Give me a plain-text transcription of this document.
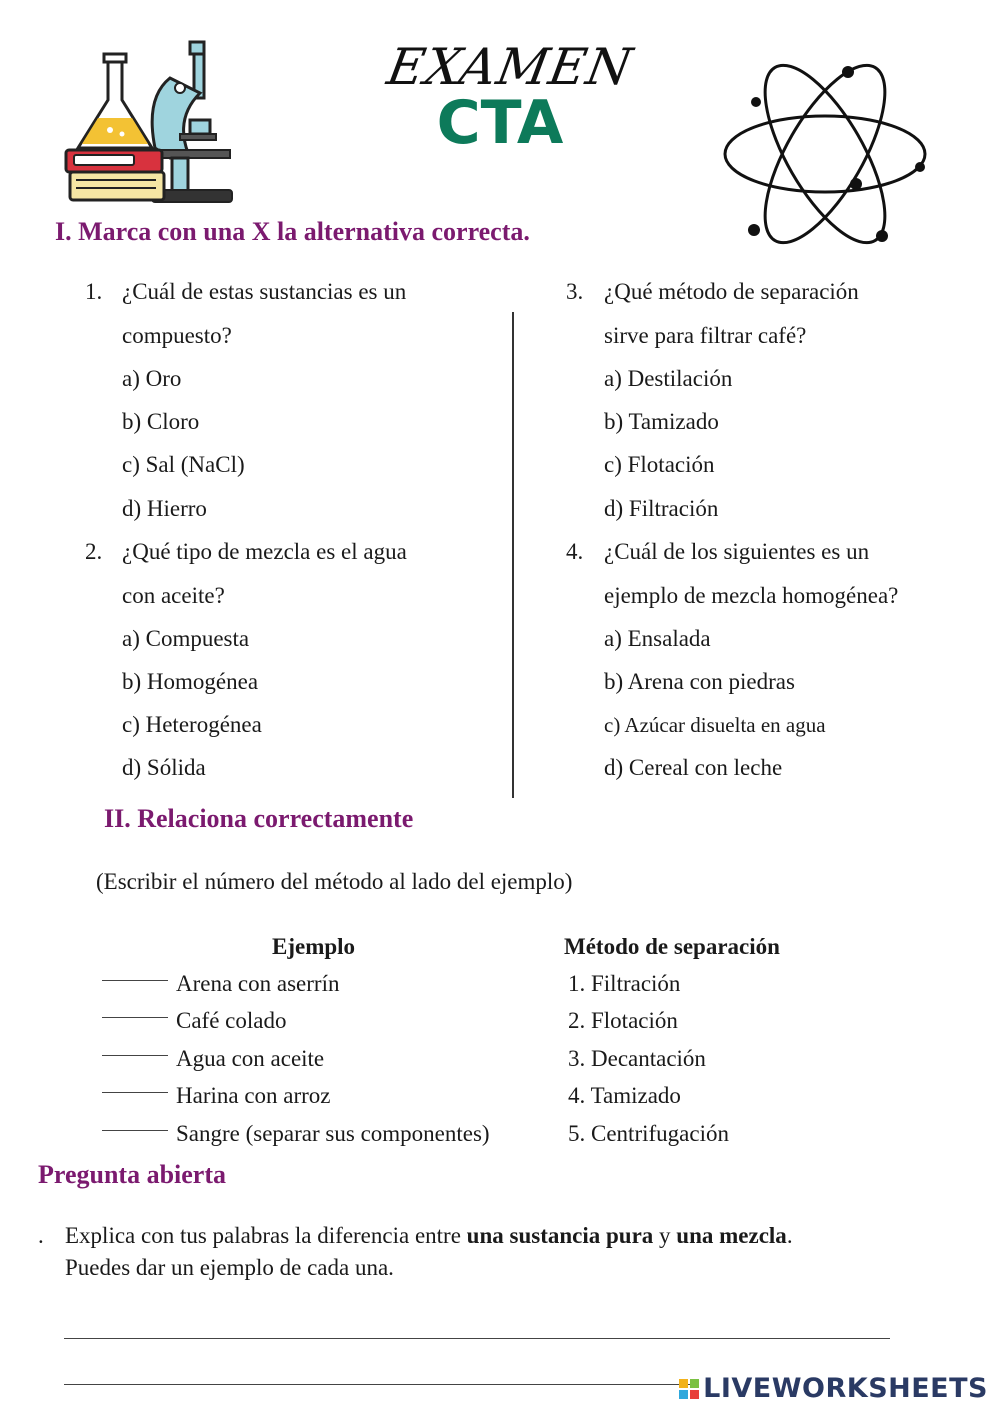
EXAMEN
CTA
I. Marca con una X la alternativa correcta.
1. ¿Cuál de estas sustancias es un
compuesto?
a) Oro
b) Cloro
c) Sal (NaCl)
d) Hierro
2. ¿Qué tipo de mezcla es el agua
con aceite?
a) Compuesta
b) Homogénea
c) Heterogénea
d) Sólida
3. ¿Qué método de separación
sirve para filtrar café?
a) Destilación
b) Tamizado
c) Flotación
d) Filtración
4. ¿Cuál de los siguientes es un
ejemplo de mezcla homogénea?
a) Ensalada
b) Arena con piedras
c) Azúcar disuelta en agua
d) Cereal con leche
II. Relaciona correctamente
(Escribir el número del método al lado del ejemplo)
Ejemplo	Método de separación
Arena con aserrín
Café colado
Agua con aceite
Harina con arroz
Sangre (separar sus componentes)
1. Filtración
2. Flotación
3. Decantación
4. Tamizado
5. Centrifugación
Pregunta abierta
. Explica con tus palabras la diferencia entre una sustancia pura y una mezcla.
Puedes dar un ejemplo de cada una.
LIVEWORKSHEETS
